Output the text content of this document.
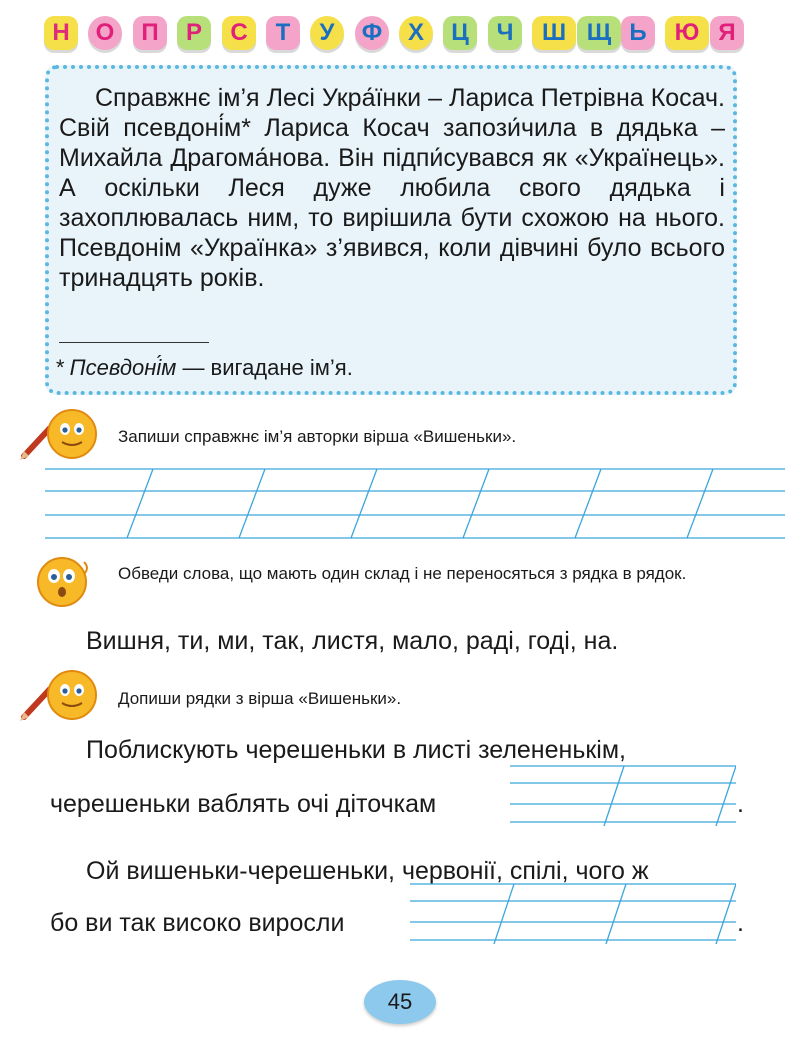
Н	О	П	Р	С	Т	У	Ф	Х	Ц	Ч	Ш Щ Ь	Ю Я

Справжнє ім’я Лесі Укра́їнки – Лариса Петрівна Косач. Свій псевдоні́м* Лариса Косач запози́чила в дядька – Михайла Драгома́нова. Він підпи́сувався як «Українець». А оскільки Леся дуже любила свого дядька і захоплювалась ним, то вирішила бути схожою на нього. Псевдонім «Українка» з’явився, коли дівчині було всього тринадцять років.

* Псевдоні́м — вигадане ім’я.

Запиши справжнє ім’я авторки вірша «Вишеньки».

Обведи слова, що мають один склад і не переносяться з рядка в рядок.

Вишня, ти, ми, так, листя, мало, раді, годі, на.

Допиши рядки з вірша «Вишеньки».

Поблискують черешеньки в листі зелененькім,

черешеньки ваблять очі діточкам	.

Ой вишеньки-черешеньки, червонії, спілі, чого ж

бо ви так високо виросли	.
45
